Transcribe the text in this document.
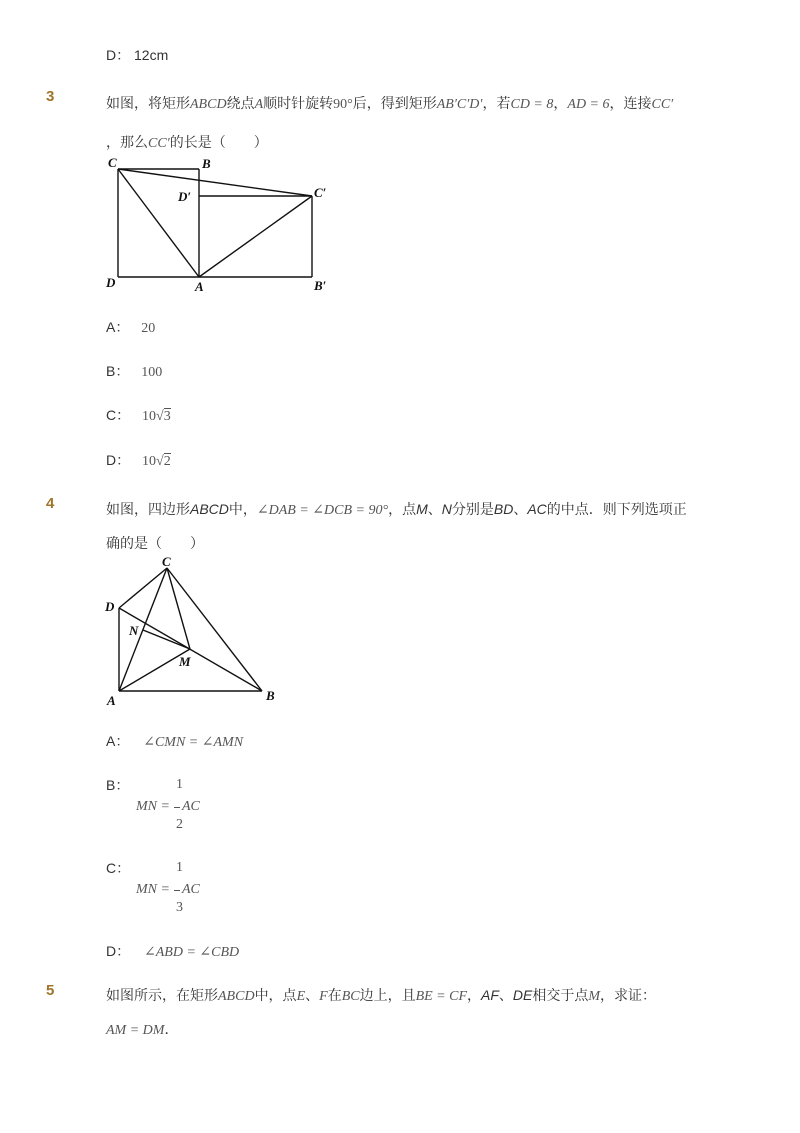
D： 12cm
3	如图，将矩形ABCD绕点A顺时针旋转90°后，得到矩形AB′C′D′，若CD = 8，AD = 6，连接CC′
，那么CC′的长是（　　）
C	B
D′	C′
D	A	B′
A： 20
B： 100
C： 10√3
D： 10√2
4	如图，四边形ABCD中，∠DAB = ∠DCB = 90°，点M、N分别是BD、AC的中点．则下列选项正
确的是（　　）
C
D
N
M
A	B
A： ∠CMN = ∠AMN
B：	1
MN = AC
2
C：	1
MN = AC
3
D： ∠ABD = ∠CBD
5	如图所示，在矩形ABCD中，点E、F在BC边上，且BE = CF，AF、DE相交于点M，求证：
AM = DM．
